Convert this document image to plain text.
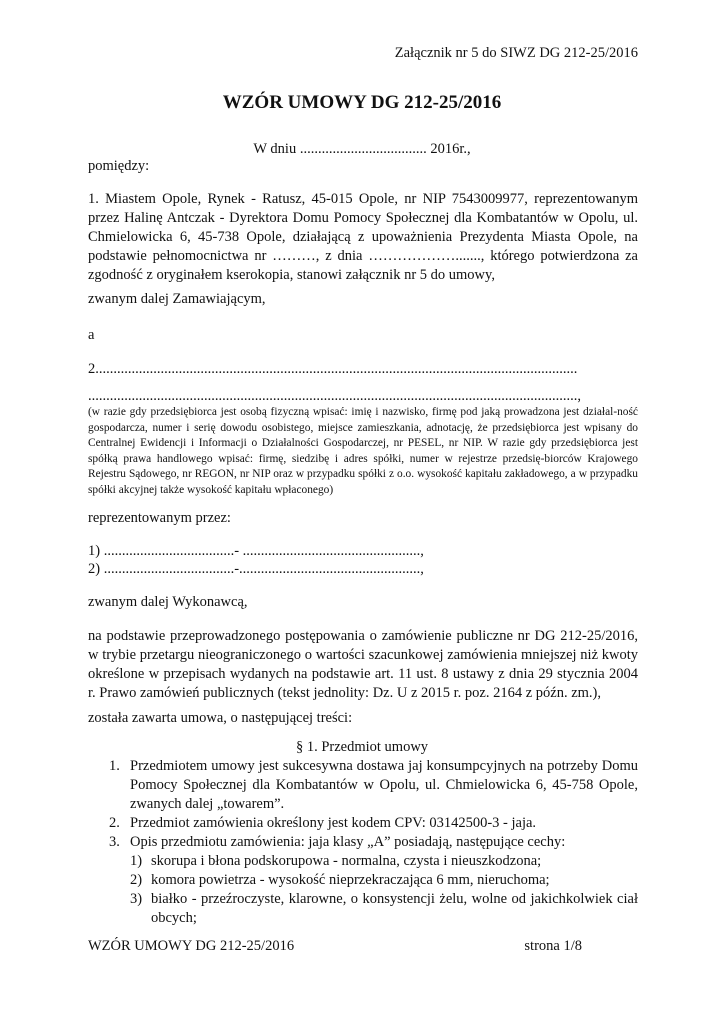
Załącznik nr 5 do SIWZ DG 212-25/2016
WZÓR UMOWY DG 212-25/2016
W dniu ................................... 2016r.,
pomiędzy:
1. Miastem Opole, Rynek - Ratusz, 45-015 Opole, nr NIP 7543009977, reprezentowanym przez Halinę Antczak - Dyrektora Domu Pomocy Społecznej dla Kombatantów w Opolu, ul. Chmielowicka 6, 45-738 Opole, działającą z upoważnienia Prezydenta Miasta Opole, na podstawie pełnomocnictwa nr ………, z dnia ………………......., którego potwierdzona za zgodność z oryginałem kserokopia, stanowi załącznik nr 5 do umowy,
zwanym dalej Zamawiającym,
a
2.....................................................................................................................................
.......................................................................................................................................,
(w razie gdy przedsiębiorca jest osobą fizyczną wpisać: imię i nazwisko, firmę pod jaką prowadzona jest działal-ność gospodarcza, numer i serię dowodu osobistego, miejsce zamieszkania, adnotację, że przedsiębiorca jest wpisany do Centralnej Ewidencji i Informacji o Działalności Gospodarczej, nr PESEL, nr NIP. W razie gdy przedsiębiorca jest spółką prawa handlowego wpisać: firmę, siedzibę i adres spółki, numer w rejestrze przedsię-biorców Krajowego Rejestru Sądowego, nr REGON, nr NIP oraz w przypadku spółki z o.o. wysokość kapitału zakładowego, a w przypadku spółki akcyjnej także wysokość kapitału wpłaconego)
reprezentowanym przez:
1) ....................................- .................................................,
2) ....................................-..................................................,
zwanym dalej Wykonawcą,
na podstawie przeprowadzonego postępowania o zamówienie publiczne nr DG 212-25/2016, w trybie przetargu nieograniczonego o wartości szacunkowej zamówienia mniejszej niż kwoty określone w przepisach wydanych na podstawie art. 11 ust. 8 ustawy z dnia 29 stycznia 2004 r. Prawo zamówień publicznych (tekst jednolity: Dz. U z 2015 r. poz. 2164 z późn. zm.),
została zawarta umowa, o następującej treści:
§ 1. Przedmiot umowy
1. Przedmiotem umowy jest sukcesywna dostawa jaj konsumpcyjnych na potrzeby Domu Pomocy Społecznej dla Kombatantów w Opolu, ul. Chmielowicka 6, 45-758 Opole, zwanych dalej „towarem”.
2. Przedmiot zamówienia określony jest kodem CPV: 03142500-3 - jaja.
3. Opis przedmiotu zamówienia: jaja klasy „A” posiadają, następujące cechy:
1) skorupa i błona podskorupowa - normalna, czysta i nieuszkodzona;
2) komora powietrza - wysokość nieprzekraczająca 6 mm, nieruchoma;
3) białko - przeźroczyste, klarowne, o konsystencji żelu, wolne od jakichkolwiek ciał obcych;
WZÓR UMOWY DG 212-25/2016	strona 1/8
